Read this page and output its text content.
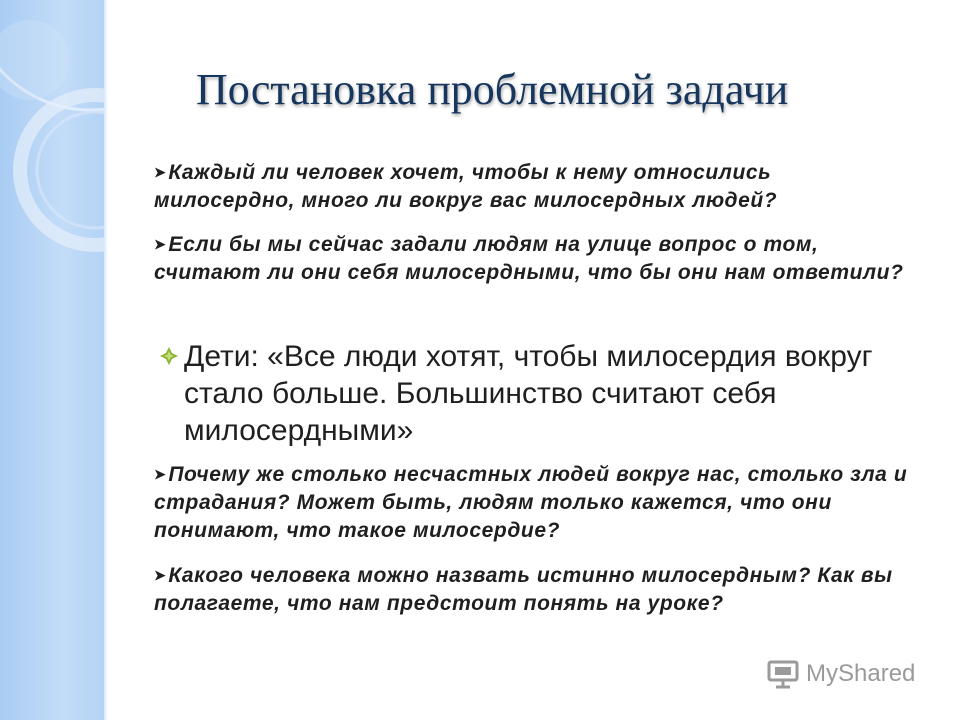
Постановка проблемной задачи
➤Каждый ли человек хочет, чтобы к нему относились милосердно, много ли вокруг вас милосердных людей?
➤Если бы мы сейчас задали людям на улице вопрос о том, считают ли они себя милосердными, что бы они нам ответили?
Дети: «Все люди хотят, чтобы милосердия вокруг стало больше. Большинство считают себя милосердными»
➤Почему же столько несчастных людей вокруг нас, столько зла и страдания? Может быть, людям только кажется, что они понимают, что такое милосердие?
➤Какого человека можно назвать истинно милосердным? Как вы полагаете, что нам предстоит понять на уроке?
MyShared
